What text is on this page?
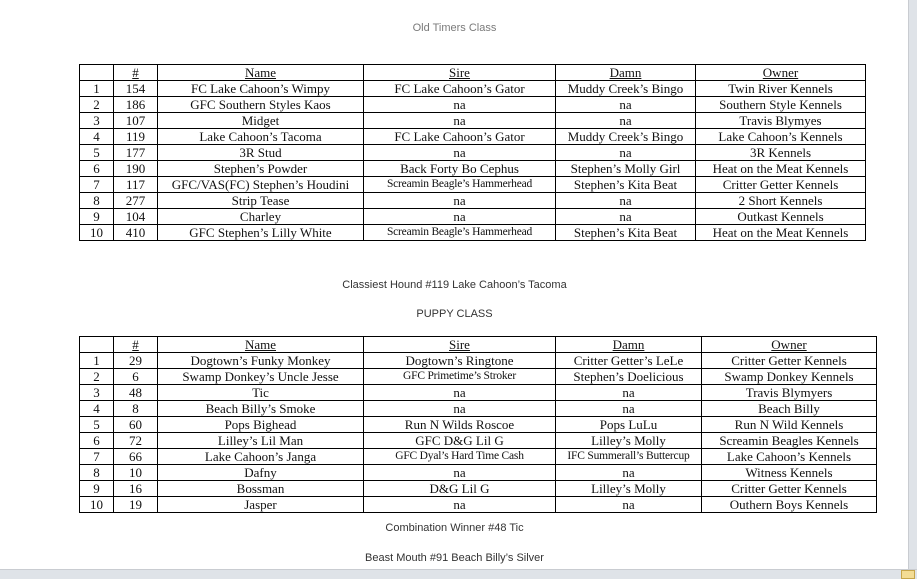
Old Timers Class
	#	Name	Sire	Damn	Owner
1	154	FC Lake Cahoon’s Wimpy	FC Lake Cahoon’s Gator	Muddy Creek’s Bingo	Twin River Kennels
2	186	GFC Southern Styles Kaos	na	na	Southern Style Kennels
3	107	Midget	na	na	Travis Blymyes
4	119	Lake Cahoon’s Tacoma	FC Lake Cahoon’s Gator	Muddy Creek’s Bingo	Lake Cahoon’s Kennels
5	177	3R Stud	na	na	3R Kennels
6	190	Stephen’s Powder	Back Forty Bo Cephus	Stephen’s Molly Girl	Heat on the Meat Kennels
7	117	GFC/VAS(FC) Stephen’s Houdini	Screamin Beagle’s Hammerhead	Stephen’s Kita Beat	Critter Getter Kennels
8	277	Strip Tease	na	na	2 Short Kennels
9	104	Charley	na	na	Outkast Kennels
10	410	GFC Stephen’s Lilly White	Screamin Beagle’s Hammerhead	Stephen’s Kita Beat	Heat on the Meat Kennels
Classiest Hound #119 Lake Cahoon’s Tacoma
PUPPY CLASS
	#	Name	Sire	Damn	Owner
1	29	Dogtown’s Funky Monkey	Dogtown’s Ringtone	Critter Getter’s LeLe	Critter Getter Kennels
2	6	Swamp Donkey’s Uncle Jesse	GFC Primetime’s Stroker	Stephen’s Doelicious	Swamp Donkey Kennels
3	48	Tic	na	na	Travis Blymyers
4	8	Beach Billy’s Smoke	na	na	Beach Billy
5	60	Pops Bighead	Run N Wilds Roscoe	Pops LuLu	Run N Wild Kennels
6	72	Lilley’s Lil Man	GFC D&G Lil G	Lilley’s Molly	Screamin Beagles Kennels
7	66	Lake Cahoon’s Janga	GFC Dyal’s Hard Time Cash	IFC Summerall’s Buttercup	Lake Cahoon’s Kennels
8	10	Dafny	na	na	Witness Kennels
9	16	Bossman	D&G Lil G	Lilley’s Molly	Critter Getter Kennels
10	19	Jasper	na	na	Outhern Boys Kennels
Combination Winner #48 Tic
Beast Mouth #91 Beach Billy’s Silver
